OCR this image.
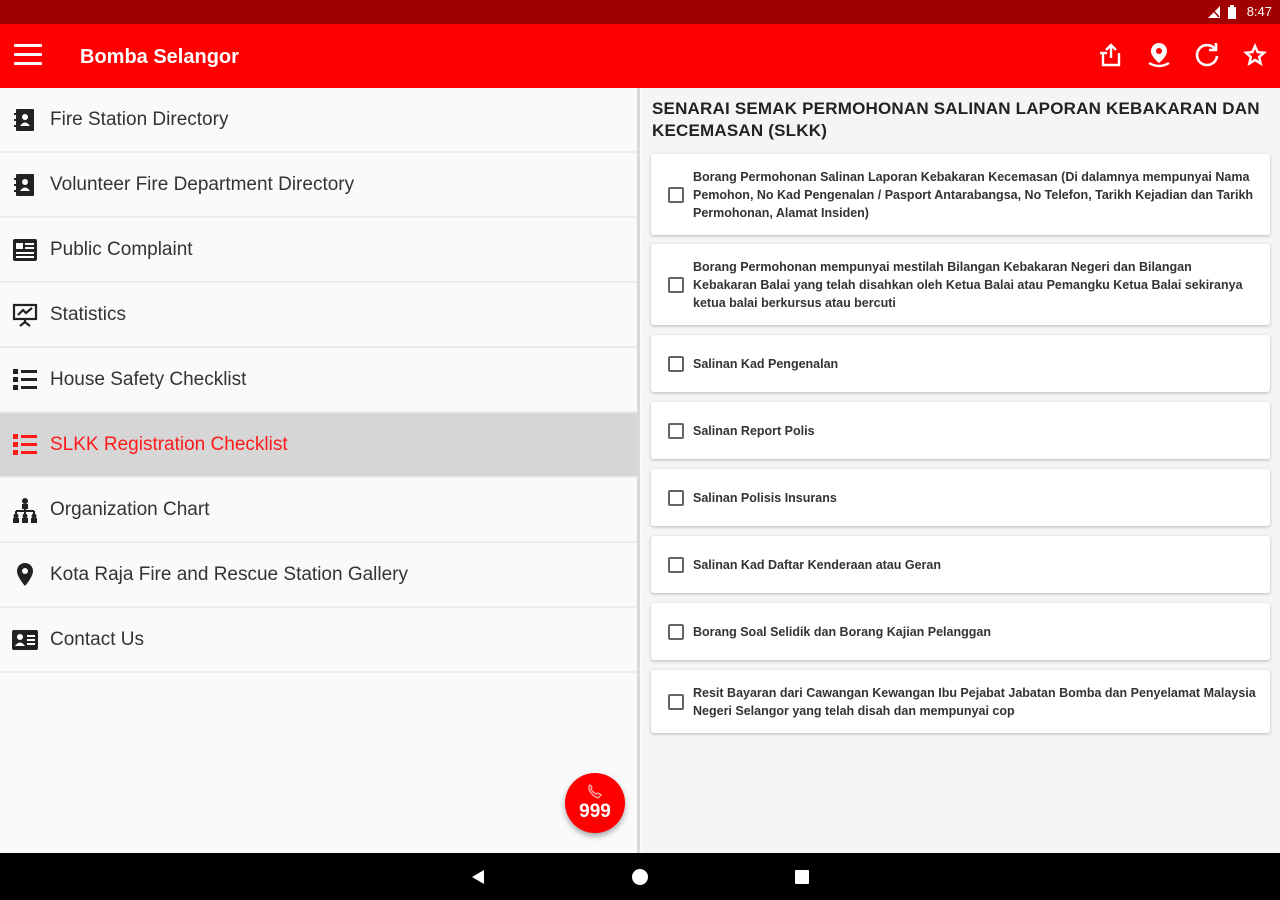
8:47
Bomba Selangor
Fire Station Directory
Volunteer Fire Department Directory
Public Complaint
Statistics
House Safety Checklist
SLKK Registration Checklist
Organization Chart
Kota Raja Fire and Rescue Station Gallery
Contact Us
999
SENARAI SEMAK PERMOHONAN SALINAN LAPORAN KEBAKARAN DAN KECEMASAN (SLKK)
Borang Permohonan Salinan Laporan Kebakaran Kecemasan (Di dalamnya mempunyai Nama Pemohon, No Kad Pengenalan / Pasport Antarabangsa, No Telefon, Tarikh Kejadian dan Tarikh Permohonan, Alamat Insiden)
Borang Permohonan mempunyai mestilah Bilangan Kebakaran Negeri dan Bilangan Kebakaran Balai yang telah disahkan oleh Ketua Balai atau Pemangku Ketua Balai sekiranya ketua balai berkursus atau bercuti
Salinan Kad Pengenalan
Salinan Report Polis
Salinan Polisis Insurans
Salinan Kad Daftar Kenderaan atau Geran
Borang Soal Selidik dan Borang Kajian Pelanggan
Resit Bayaran dari Cawangan Kewangan Ibu Pejabat Jabatan Bomba dan Penyelamat Malaysia Negeri Selangor yang telah disah dan mempunyai cop
